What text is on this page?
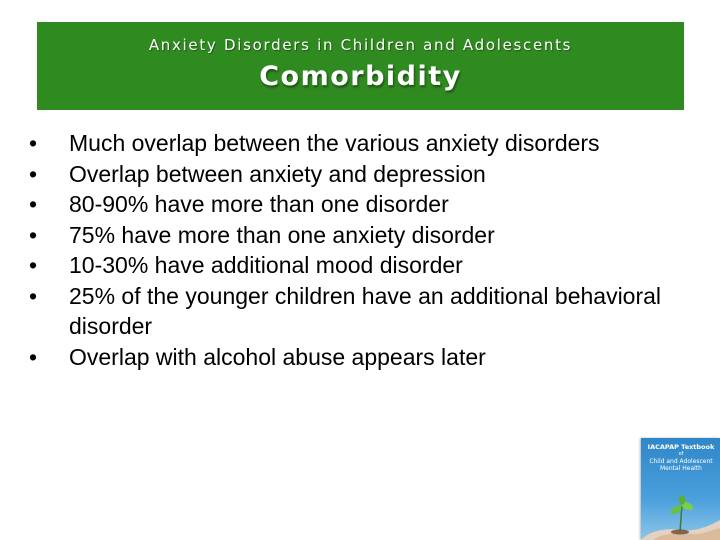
Anxiety Disorders in Children and Adolescents
Comorbidity
•	Much overlap between the various anxiety disorders
•	Overlap between anxiety and depression
•	80-90% have more than one disorder
•	75% have more than one anxiety disorder
•	10-30% have additional mood disorder
•	25% of the younger children have an additional behavioral disorder
•	Overlap with alcohol abuse appears later
IACAPAP Textbook
of
Child and Adolescent
Mental Health
